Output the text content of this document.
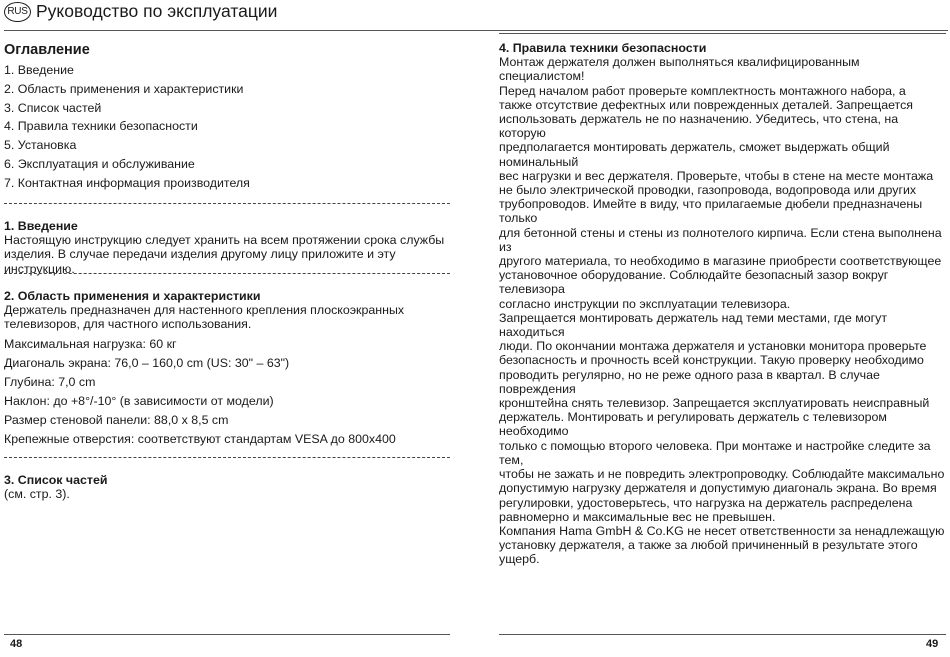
RUS Руководство по эксплуатации

Оглавление

1. Введение
2. Область применения и характеристики
3. Список частей
4. Правила техники безопасности
5. Установка
6. Эксплуатация и обслуживание
7. Контактная информация производителя

1. Введение

Настоящую инструкцию следует хранить на всем протяжении срока службы

изделия. В случае передачи изделия другому лицу приложите и эту инструкцию.

2. Область применения и характеристики

Держатель предназначен для настенного крепления плоскоэкранных

телевизоров, для частного использования.

Максимальная нагрузка: 60 кг

Диагональ экрана: 76,0 – 160,0 cm (US: 30" – 63")

Глубина: 7,0 cm

Наклон: до +8°/-10° (в зависимости от модели)

Размер стеновой панели: 88,0 x 8,5 cm

Крепежные отверстия: соответствуют стандартам VESA до 800x400

3. Список частей

(см. стр. 3).

4. Правила техники безопасности

Монтаж держателя должен выполняться квалифицированным специалистом!

Перед началом работ проверьте комплектность монтажного набора, а

также отсутствие дефектных или поврежденных деталей. Запрещается

использовать держатель не по назначению. Убедитесь, что стена, на которую

предполагается монтировать держатель, сможет выдержать общий номинальный

вес нагрузки и вес держателя. Проверьте, чтобы в стене на месте монтажа

не было электрической проводки, газопровода, водопровода или других

трубопроводов. Имейте в виду, что прилагаемые дюбели предназначены только

для бетонной стены и стены из полнотелого кирпича. Если стена выполнена из

другого материала, то необходимо в магазине приобрести соответствующее

установочное оборудование. Соблюдайте безопасный зазор вокруг телевизора

согласно инструкции по эксплуатации телевизора.

Запрещается монтировать держатель над теми местами, где могут находиться

люди. По окончании монтажа держателя и установки монитора проверьте

безопасность и прочность всей конструкции. Такую проверку необходимо

проводить регулярно, но не реже одного раза в квартал. В случае повреждения

кронштейна снять телевизор. Запрещается эксплуатировать неисправный

держатель. Монтировать и регулировать держатель с телевизором необходимо

только с помощью второго человека. При монтаже и настройке следите за тем,

чтобы не зажать и не повредить электропроводку. Соблюдайте максимально

допустимую нагрузку держателя и допустимую диагональ экрана. Во время

регулировки, удостоверьтесь, что нагрузка на держатель распределена

равномерно и максимальные вес не превышен.

Компания Hama GmbH & Co.KG не несет ответственности за ненадлежащую

установку держателя, а также за любой причиненный в результате этого ущерб.

48	49
